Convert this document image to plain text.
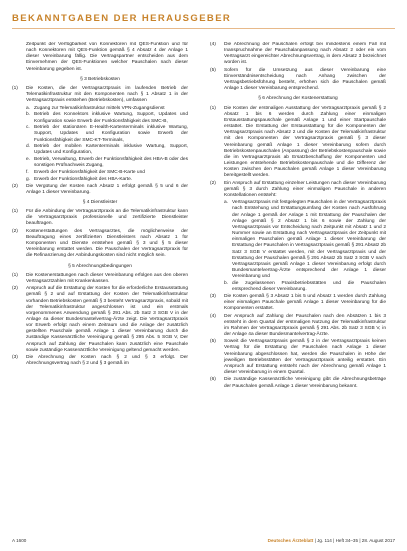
BEKANNTGABEN DER HERAUSGEBER
Zeitpunkt der Verfügbarkeit von Konnektoren mit QES-Funktion und für nach Konnektoren mit QES-Funktion gemäß § 4 Absatz 4 der Anlage 1 dieser Vereinbarung fällig. Die Vertragspartner entscheiden aus dem Einvernehmen der QES-Funktionen welcher Pauschalen nach dieser Vereinbarung gegeben ist.
§ 3 Betriebskosten
(1) Die Kosten, die der Vertragsarztpraxis im laufenden Betrieb der Telematikinfrastruktur mit den Komponenten nach § 1 Absatz 1 in der Vertragsarztpraxis entstehen (Betriebskosten), umfassen
a. Zugang zur Telematikinfrastruktur mittels VPN-Zugangsdienst
b. Betrieb des Konnektors inklusive Wartung, Support, Updates und Konfiguration sowie Erwerb der Funktionsfähigkeit des SMC-B,
c. Betrieb der stationären E-Health-Kartenterminals inklusive Wartung, Support, Updates und Konfiguration sowie Erwerb der Funktionsfähigkeit der SMC-KT-Terminals,
d. Betrieb der mobilen Kartenterminals inklusive Wartung, Support, Updates und Konfiguration,
e. Betrieb, Verwaltung, Erwerb der Funktionsfähigkeit des HBA-B oder des sonstigen Prüfnachweis Zugang,
f. Erwerb der Funktionsfähigkeit der SMC-B-Karte und
g. Erwerb der Funktionsfähigkeit des HBA-Karte.
(2) Die Vergütung der Kosten nach Absatz 1 erfolgt gemäß § 5 und 6 der Anlage 1 dieser Vereinbarung.
§ 4 Dienstleister
(1) Für die Anbindung der Vertragsarztpraxis an die Telematikinfrastruktur kann die Vertragsarztpraxis professionelle und zertifizierte Dienstleister beauftragen.
(2) Kostenerstattungen des Vertragsarztes, die möglicherweise der Beauftragung eines zertifizierten Dienstleisters nach Absatz 1 für Komponenten und Dienste entstehen gemäß § 3 und § 5 dieser Vereinbarung erstattet werden. Die Pauschalen der Vertragsarztpraxis für die Refinanzierung der Anbindungskosten sind nicht möglich sein.
§ 5 Abrechnungsbedingungen
(1) Die Kostenerstattungen nach dieser Vereinbarung erfolgen aus den oberen Vertragsarztzahlen mit Krankenkassen.
(2) Anspruch auf die Erstattung der Kosten für die erforderliche Erstausstattung gemäß § 2 und auf Erstattung der Kosten der Telematikinfrastruktur vorhanden Betriebskosten gemäß § 3 besteht Vertragsarztpraxis, sobald mit der Telematikinfrastruktur angeschlossen ist und ein erstmals vorgenommenes Anwendung gemäß § 291 Abs. 2b Satz 3 SGB V in der Anlage 4a dieser Bundesmantelvertrag-Ärzte zeigt. Die Vertragsarztpraxis vor Erwerb erfolgt nach einem Zeitraum und die Anlage der zusätzlich gestellten Pauschale gemäß Anlage 1 dieser Vereinbarung durch die zuständige Kassenärztliche Vereinigung gemäß § 295 Abs. 5 SGB V, Der Anspruch auf Zahlung der Pauschalen kann zusätzlich eine Pauschale sowie zuständige Kassenärztliche Vereinigung geltend gemacht werden.
(3) Die Abrechnung der Kosten nach § 2 und § 3 erfolgt. Der Abrechnungsvertrag nach § 2 und § 3 gemäß im
(4) Die Abrechnung der Pauschalen erfolgt bei mindestens einem Fall mit Inanspruchnahme der Pauschalanpassung nach Absatz 2 oder ein vom Vertragsarzt eingereichter Abrechnungsvertrag, in dem Absatz 3 bezeichnet worden ist.
(5) Sofern für die Umsetzung aus dieser Vereinbarung eine Einverständnisentscheidung nach Anhang zwischen der Vertragsbetriebsführung besteht, erhöhen sich die Pauschalen gemäß Anlage 1 dieser Vereinbarung entsprechend.
§ 6 Abrechnung der Kostenerstattung
(1) Die Kosten der erstmaligen Ausstattung der Vertragsarztpraxis gemäß § 2 Absatz 1 bis 6 werden durch Zahlung einer einmaligen Erstausstattungspauschale gemäß Anlage 1 und einer Startpauschale erstattet. Die Erstattung der Erstausstattung für die Komponenten der Vertragsarztpraxis nach Absatz 2 und die Kosten der Telematikinfrastruktur mit den Komponenten der Vertragsarztpraxis gemäß § 3 dieser Vereinbarung gemäß Anlage 1 dieser Vereinbarung sofern durch Betriebskostenpauschalen (Anpassung) der Betriebskostenpauschale sowie die im Vertragsarztpraxis ab Ersatzbeschaffung der Komponenten und Leistungen entstehende Betriebskostenpauschale und die Differenz der Kosten zwischen den Pauschalen gemäß Anlage 1 dieser Vereinbarung bereitgestellt werden.
(2) Ein Anspruch auf Erstattung einzelner Leistungen nach dieser Vereinbarung gemäß § 3 durch Zahlung einer einmaligen Pauschale in anderen Konstellationen entsteht:
a. Vertragsarztpraxis mit festgelegten Pauschalen in der Vertragsarztpraxis nach Entstehung und Erstattungsumfang der Kosten nach Ausführung der Anlage 1 gemäß der Anlage 1 mit Erstattung der Pauschalen der Anlage gemäß § 2 Absatz 1 bis 6 sowie der Zahlung der Vertragsarztpraxis vor Entscheidung nach Zeitpunkt mit Absatz 1 und 2 Nummer sowie an Erstattung nach Vertragsarztpraxis der Zeitpunkt mit einmaligen Pauschalen gemäß Anlage 1 dieser Vereinbarung der Erstattung der Pauschalen in Vertragsarztpraxis gemäß § 291 Absatz 2b Satz 3 SGB V erstattet werden, mit der Vertragsarztpraxis und der Erstattung der Pauschalen gemäß § 291 Absatz 2b Satz 3 SGB V nach Vertragsarztpraxis gemäß Anlage 1 dieser Vereinbarung erfolgt durch Bundesmantelvertrag-Ärzte entsprechend der Anlage 1 dieser Vereinbarung und
b. die zugelassenen Praxisbetriebsstätten und die Pauschalen entsprechend dieser Vereinbarung.
(3) Die Kosten gemäß § 3 Absatz 1 bis 5 und Absatz 1 werden durch Zahlung einer einmaligen Pauschale gemäß Anlage 1 dieser Vereinbarung für die Komponenten erstattet.
(4) Der Anspruch auf Zahlung der Pauschalen nach den Absätzen 1 bis 3 entsteht in dem Quartal der erstmaligen Nutzung der Telematikinfrastruktur im Rahmen der Vertragsarztpraxis gemäß § 291 Abs. 2b Satz 3 SGB V, in der Anlage 4a dieser Bundesmantelvertrag-Ärzte.
(5) Soweit die Vertragsarztpraxis gemäß § 2 in der Vertragsarztpraxis keinen Vertrag für die Erstattung der Pauschalen nach Anlage 1 dieser Vereinbarung abgeschlossen hat, werden die Pauschalen in Höhe der jeweiligen Betriebsstätten der Vertragsarztpraxis anteilig erstattet. Ein Anspruch auf Erstattung entsteht nach der Abrechnung gemäß Anlage 1 dieser Vereinbarung in einem Quartal.
(6) Die zuständige Kassenärztliche Vereinigung gibt die Abrechnungsbeträge der Pauschalen gemäß Anlage 1 dieser Vereinbarung bekannt.
A 1600	Deutsches Ärzteblatt | Jg. 114 | Heft 34–35 | 28. August 2017
